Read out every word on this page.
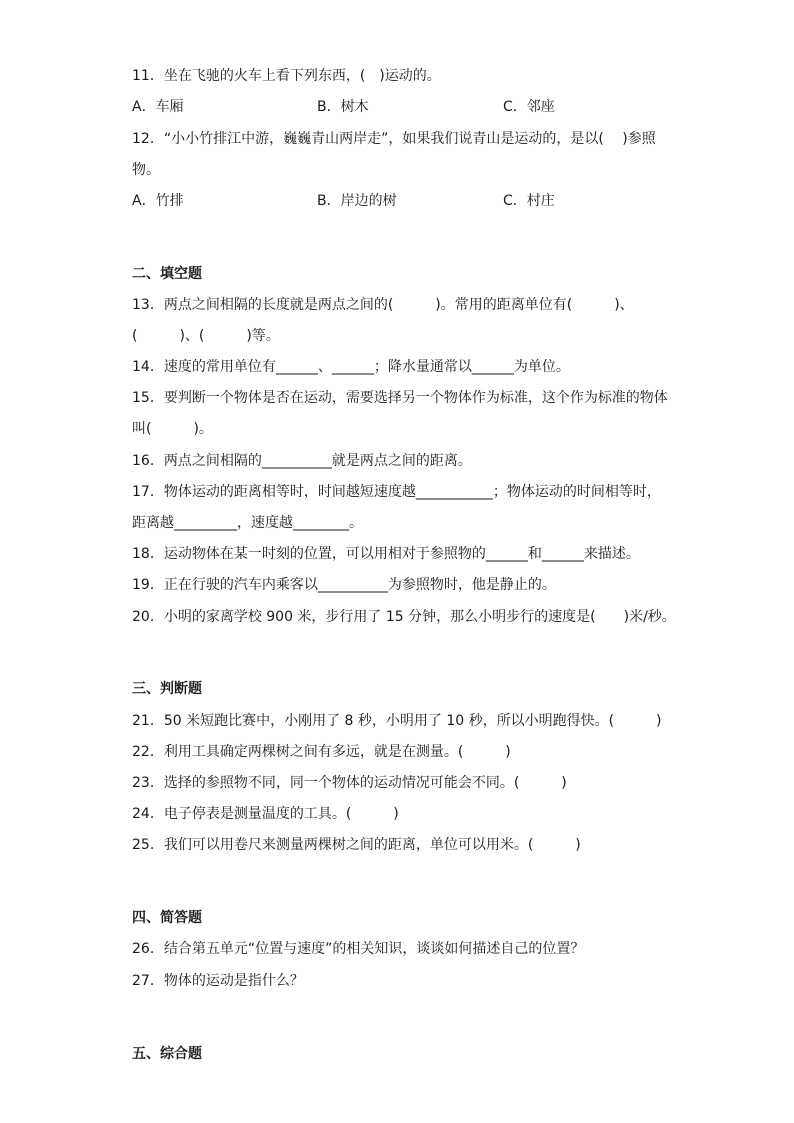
11．坐在飞驰的火车上看下列东西，(　)运动的。
A．车厢	B．树木	C．邻座
12．“小小竹排江中游，巍巍青山两岸走”，如果我们说青山是运动的，是以(　 )参照
物。
A．竹排	B．岸边的树	C．村庄
二、填空题
13．两点之间相隔的长度就是两点之间的(　　　)。常用的距离单位有(　　　)、
(　　　)、(　　　)等。
14．速度的常用单位有______、______；降水量通常以______为单位。
15．要判断一个物体是否在运动，需要选择另一个物体作为标准，这个作为标准的物体
叫(　　　)。
16．两点之间相隔的__________就是两点之间的距离。
17．物体运动的距离相等时，时间越短速度越___________；物体运动的时间相等时，
距离越_________，速度越________。
18．运动物体在某一时刻的位置，可以用相对于参照物的______和______来描述。
19．正在行驶的汽车内乘客以__________为参照物时，他是静止的。
20．小明的家离学校 900 米，步行用了 15 分钟，那么小明步行的速度是(　　)米/秒。
三、判断题
21．50 米短跑比赛中，小刚用了 8 秒，小明用了 10 秒，所以小明跑得快。(　　　)
22．利用工具确定两棵树之间有多远，就是在测量。(　　　)
23．选择的参照物不同，同一个物体的运动情况可能会不同。(　　　)
24．电子停表是测量温度的工具。(　　　)
25．我们可以用卷尺来测量两棵树之间的距离，单位可以用米。(　　　)
四、简答题
26．结合第五单元“位置与速度”的相关知识，谈谈如何描述自己的位置？
27．物体的运动是指什么？
五、综合题
